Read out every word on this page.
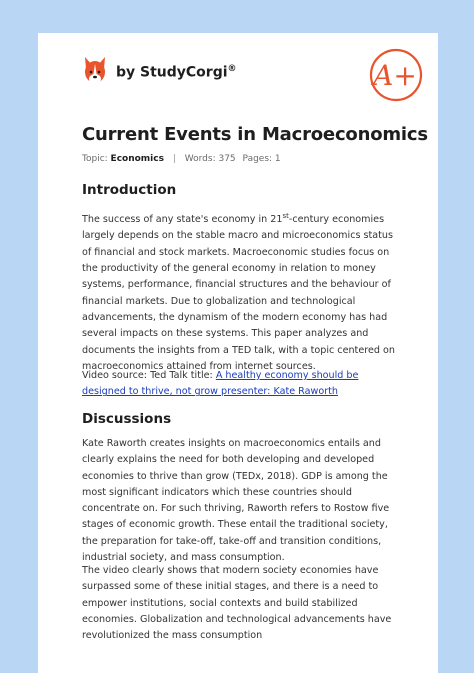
by StudyCorgi®	A+
Current Events in Macroeconomics
Topic: Economics | Words: 375 Pages: 1
Introduction

The success of any state's economy in 21st-century economies largely depends on the stable macro and microeconomics status of financial and stock markets. Macroeconomic studies focus on the productivity of the general economy in relation to money systems, performance, financial structures and the behaviour of financial markets. Due to globalization and technological advancements, the dynamism of the modern economy has had several impacts on these systems. This paper analyzes and documents the insights from a TED talk, with a topic centered on macroeconomics attained from internet sources.

Video source: Ted Talk title: A healthy economy should be designed to thrive, not grow presenter: Kate Raworth

Discussions

Kate Raworth creates insights on macroeconomics entails and clearly explains the need for both developing and developed economies to thrive than grow (TEDx, 2018). GDP is among the most significant indicators which these countries should concentrate on. For such thriving, Raworth refers to Rostow five stages of economic growth. These entail the traditional society, the preparation for take-off, take-off and transition conditions, industrial society, and mass consumption.

The video clearly shows that modern society economies have surpassed some of these initial stages, and there is a need to empower institutions, social contexts and build stabilized economies. Globalization and technological advancements have revolutionized the mass consumption
